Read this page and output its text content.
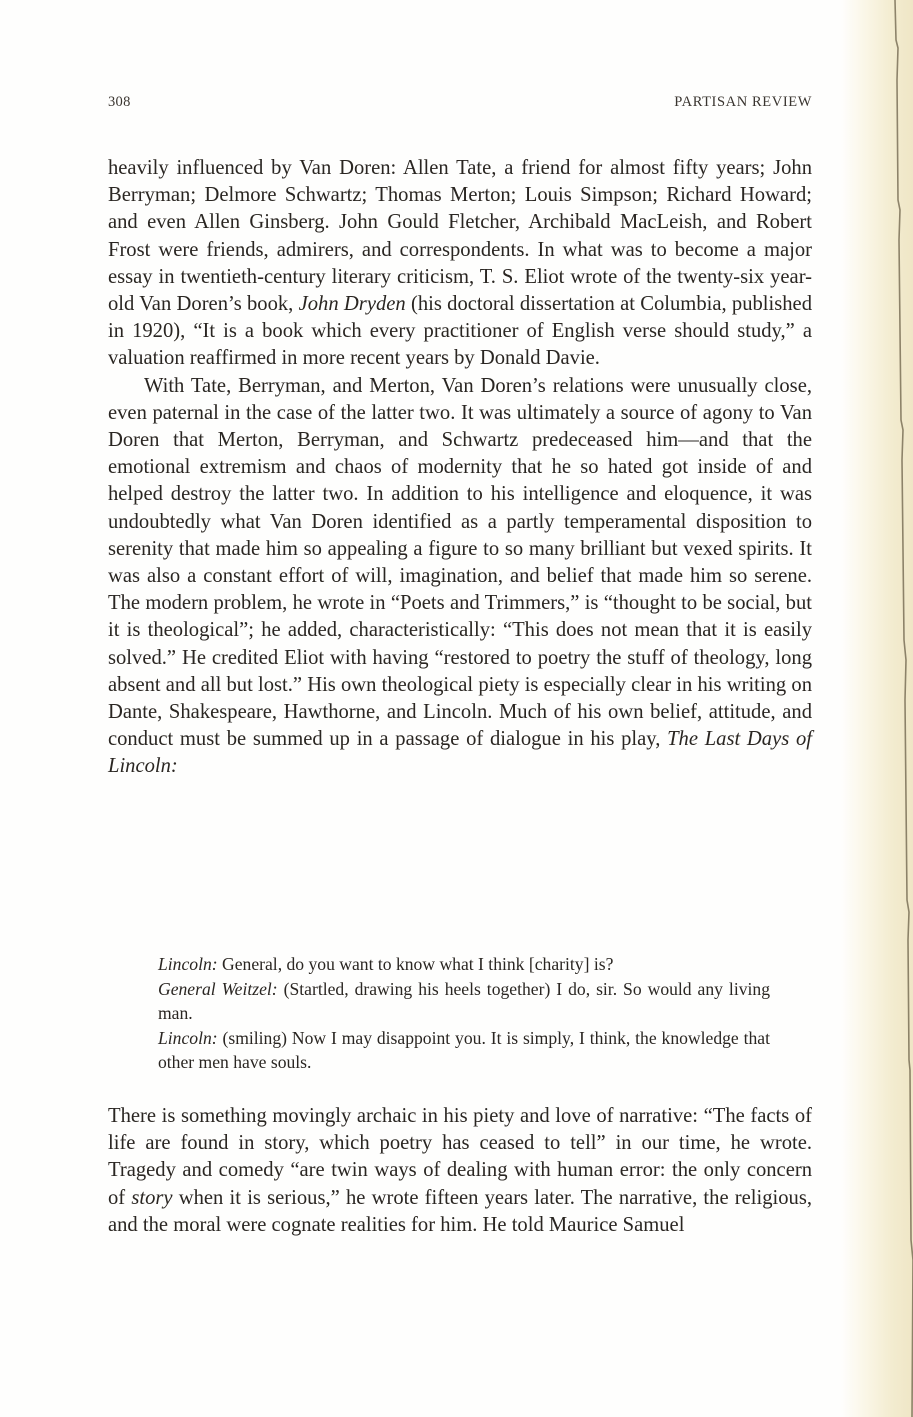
308	PARTISAN REVIEW

heavily influenced by Van Doren: Allen Tate, a friend for almost fifty years; John Berryman; Delmore Schwartz; Thomas Merton; Louis Simpson; Richard Howard; and even Allen Ginsberg. John Gould Fletcher, Archibald MacLeish, and Robert Frost were friends, admirers, and correspondents. In what was to become a major essay in twentieth-century literary criticism, T. S. Eliot wrote of the twenty-six year-old Van Doren’s book, John Dryden (his doctoral dissertation at Columbia, published in 1920), “It is a book which every practitioner of English verse should study,” a valuation reaffirmed in more recent years by Donald Davie.

With Tate, Berryman, and Merton, Van Doren’s relations were unusually close, even paternal in the case of the latter two. It was ultimately a source of agony to Van Doren that Merton, Berryman, and Schwartz predeceased him—and that the emotional extremism and chaos of modernity that he so hated got inside of and helped destroy the latter two. In addition to his intelligence and eloquence, it was undoubtedly what Van Doren identified as a partly temperamental disposition to serenity that made him so appealing a figure to so many brilliant but vexed spirits. It was also a constant effort of will, imagination, and belief that made him so serene. The modern problem, he wrote in “Poets and Trimmers,” is “thought to be social, but it is theological”; he added, characteristically: “This does not mean that it is easily solved.” He credited Eliot with having “restored to poetry the stuff of theology, long absent and all but lost.” His own theological piety is especially clear in his writing on Dante, Shakespeare, Hawthorne, and Lincoln. Much of his own belief, attitude, and conduct must be summed up in a passage of dialogue in his play, The Last Days of Lincoln:

Lincoln: General, do you want to know what I think [charity] is?

General Weitzel: (Startled, drawing his heels together) I do, sir. So would any living man.

Lincoln: (smiling) Now I may disappoint you. It is simply, I think, the knowledge that other men have souls.

There is something movingly archaic in his piety and love of narrative: “The facts of life are found in story, which poetry has ceased to tell” in our time, he wrote. Tragedy and comedy “are twin ways of dealing with human error: the only concern of story when it is serious,” he wrote fifteen years later. The narrative, the religious, and the moral were cognate realities for him. He told Maurice Samuel
